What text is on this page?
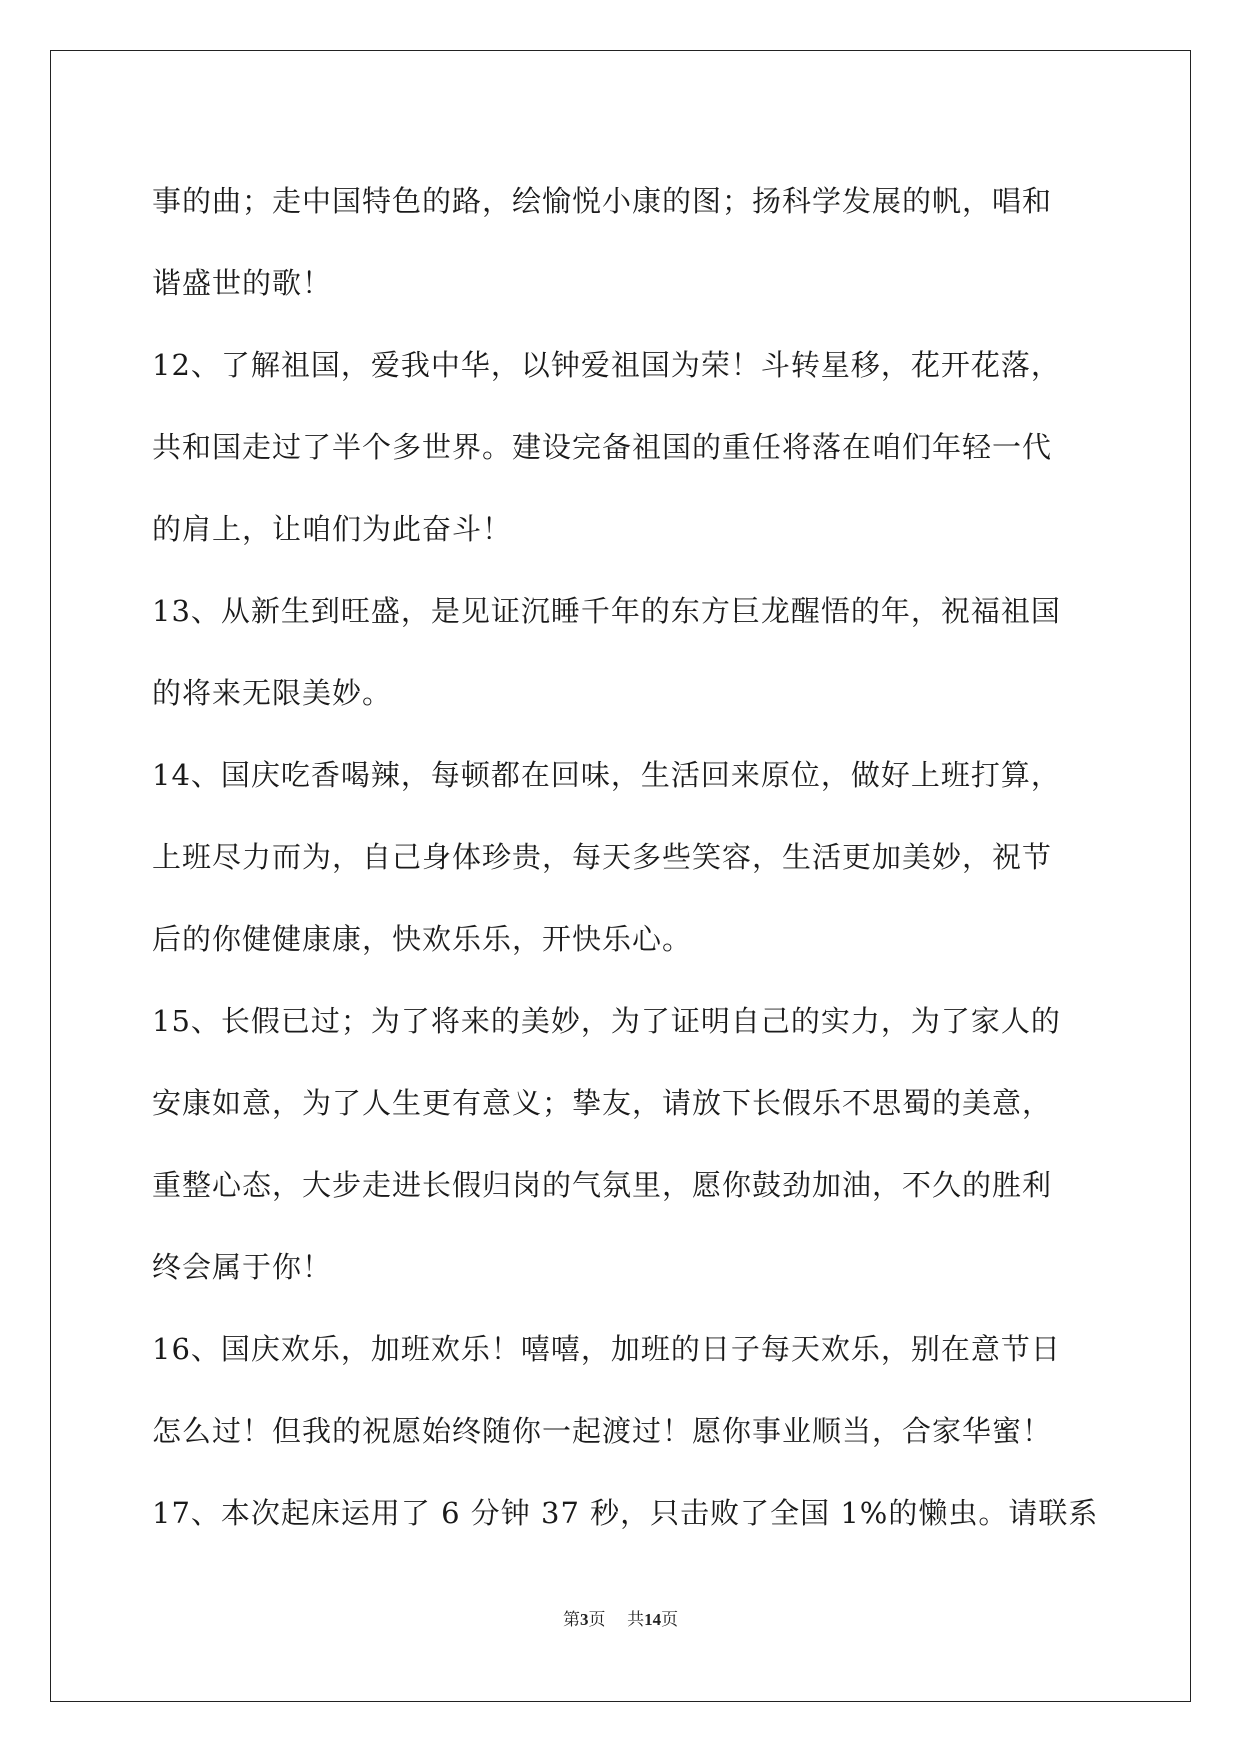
事的曲；走中国特色的路，绘愉悦小康的图；扬科学发展的帆，唱和
谐盛世的歌！
12、了解祖国，爱我中华，以钟爱祖国为荣！斗转星移，花开花落，
共和国走过了半个多世界。建设完备祖国的重任将落在咱们年轻一代
的肩上，让咱们为此奋斗！
13、从新生到旺盛，是见证沉睡千年的东方巨龙醒悟的年，祝福祖国
的将来无限美妙。
14、国庆吃香喝辣，每顿都在回味，生活回来原位，做好上班打算，
上班尽力而为，自己身体珍贵，每天多些笑容，生活更加美妙，祝节
后的你健健康康，快欢乐乐，开快乐心。
15、长假已过；为了将来的美妙，为了证明自己的实力，为了家人的
安康如意，为了人生更有意义；挚友，请放下长假乐不思蜀的美意，
重整心态，大步走进长假归岗的气氛里，愿你鼓劲加油，不久的胜利
终会属于你！
16、国庆欢乐，加班欢乐！嘻嘻，加班的日子每天欢乐，别在意节日
怎么过！但我的祝愿始终随你一起渡过！愿你事业顺当，合家华蜜！
17、本次起床运用了 6 分钟 37 秒，只击败了全国 1%的懒虫。请联系
第3页 共14页
